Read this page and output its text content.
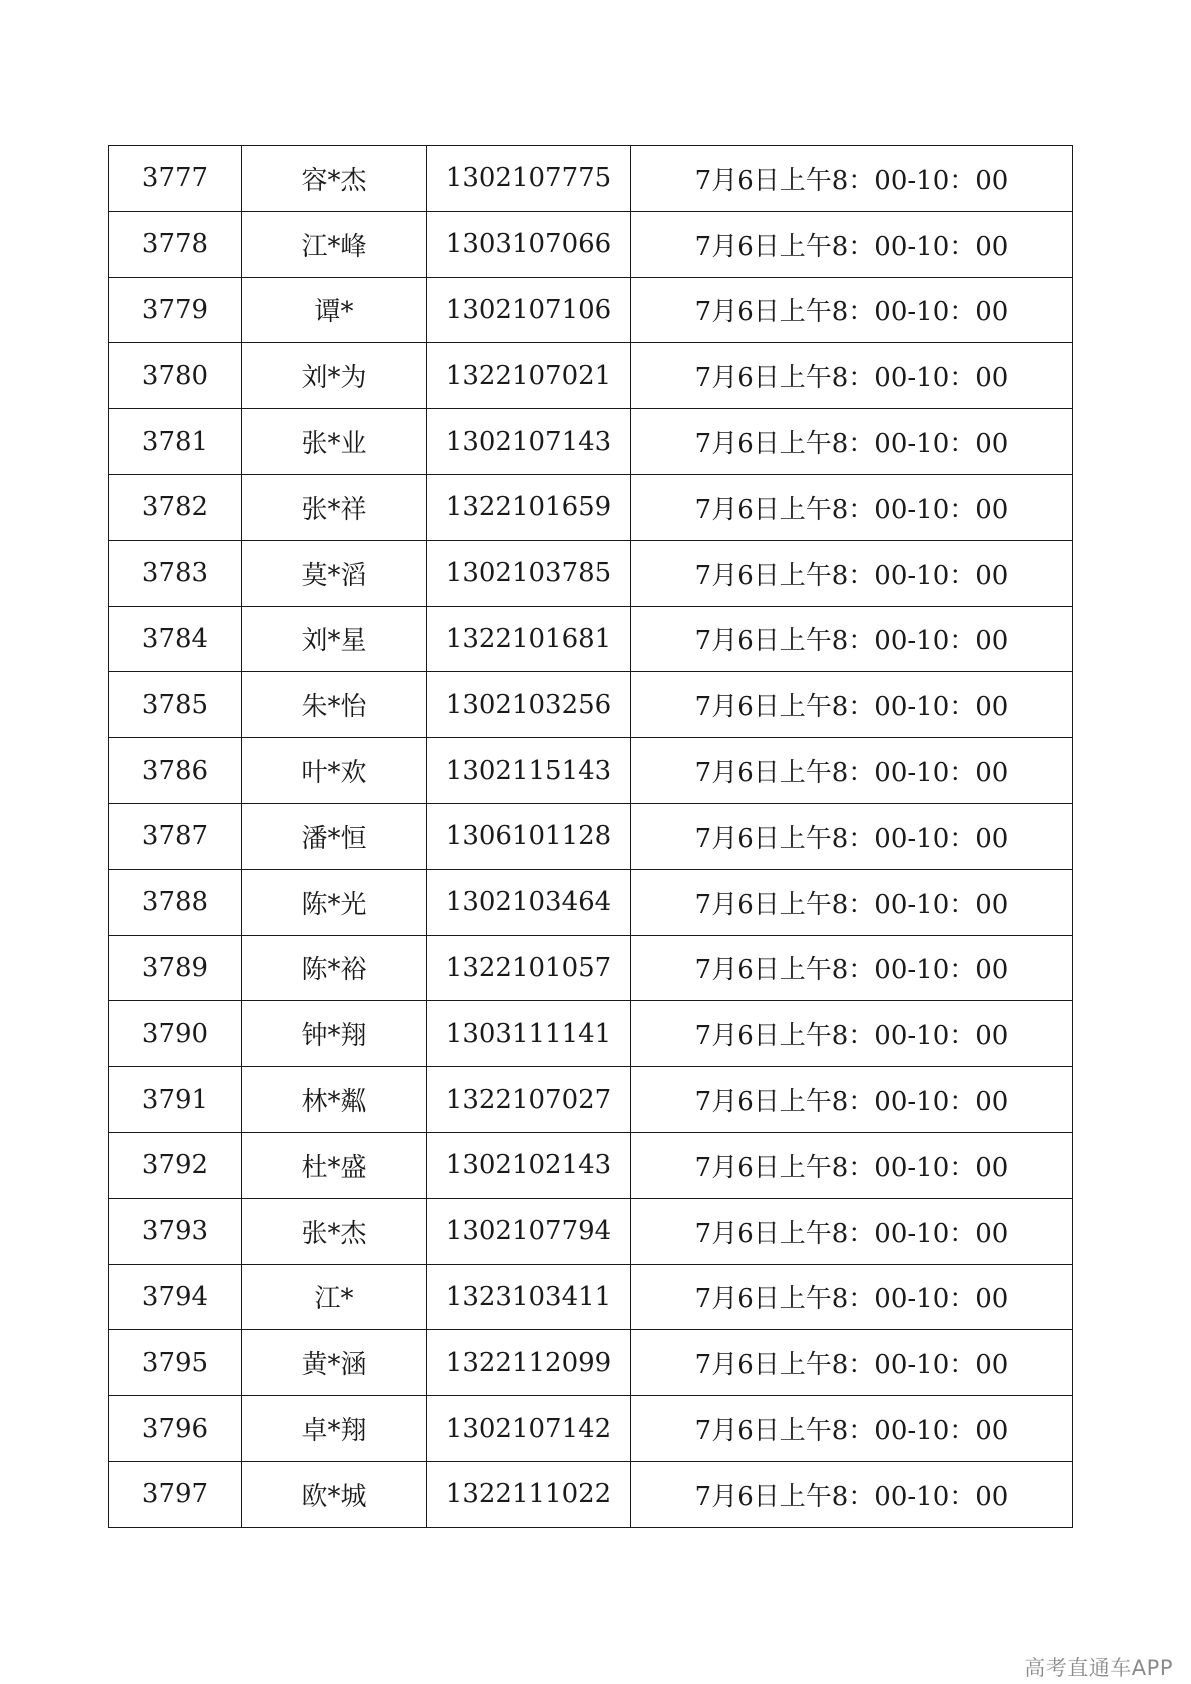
3777	容*杰	1302107775	7月6日上午8：00-10：00
3778	江*峰	1303107066	7月6日上午8：00-10：00
3779	谭*	1302107106	7月6日上午8：00-10：00
3780	刘*为	1322107021	7月6日上午8：00-10：00
3781	张*业	1302107143	7月6日上午8：00-10：00
3782	张*祥	1322101659	7月6日上午8：00-10：00
3783	莫*滔	1302103785	7月6日上午8：00-10：00
3784	刘*星	1322101681	7月6日上午8：00-10：00
3785	朱*怡	1302103256	7月6日上午8：00-10：00
3786	叶*欢	1302115143	7月6日上午8：00-10：00
3787	潘*恒	1306101128	7月6日上午8：00-10：00
3788	陈*光	1302103464	7月6日上午8：00-10：00
3789	陈*裕	1322101057	7月6日上午8：00-10：00
3790	钟*翔	1303111141	7月6日上午8：00-10：00
3791	林*粼	1322107027	7月6日上午8：00-10：00
3792	杜*盛	1302102143	7月6日上午8：00-10：00
3793	张*杰	1302107794	7月6日上午8：00-10：00
3794	江*	1323103411	7月6日上午8：00-10：00
3795	黄*涵	1322112099	7月6日上午8：00-10：00
3796	卓*翔	1302107142	7月6日上午8：00-10：00
3797	欧*城	1322111022	7月6日上午8：00-10：00
高考直通车APP
